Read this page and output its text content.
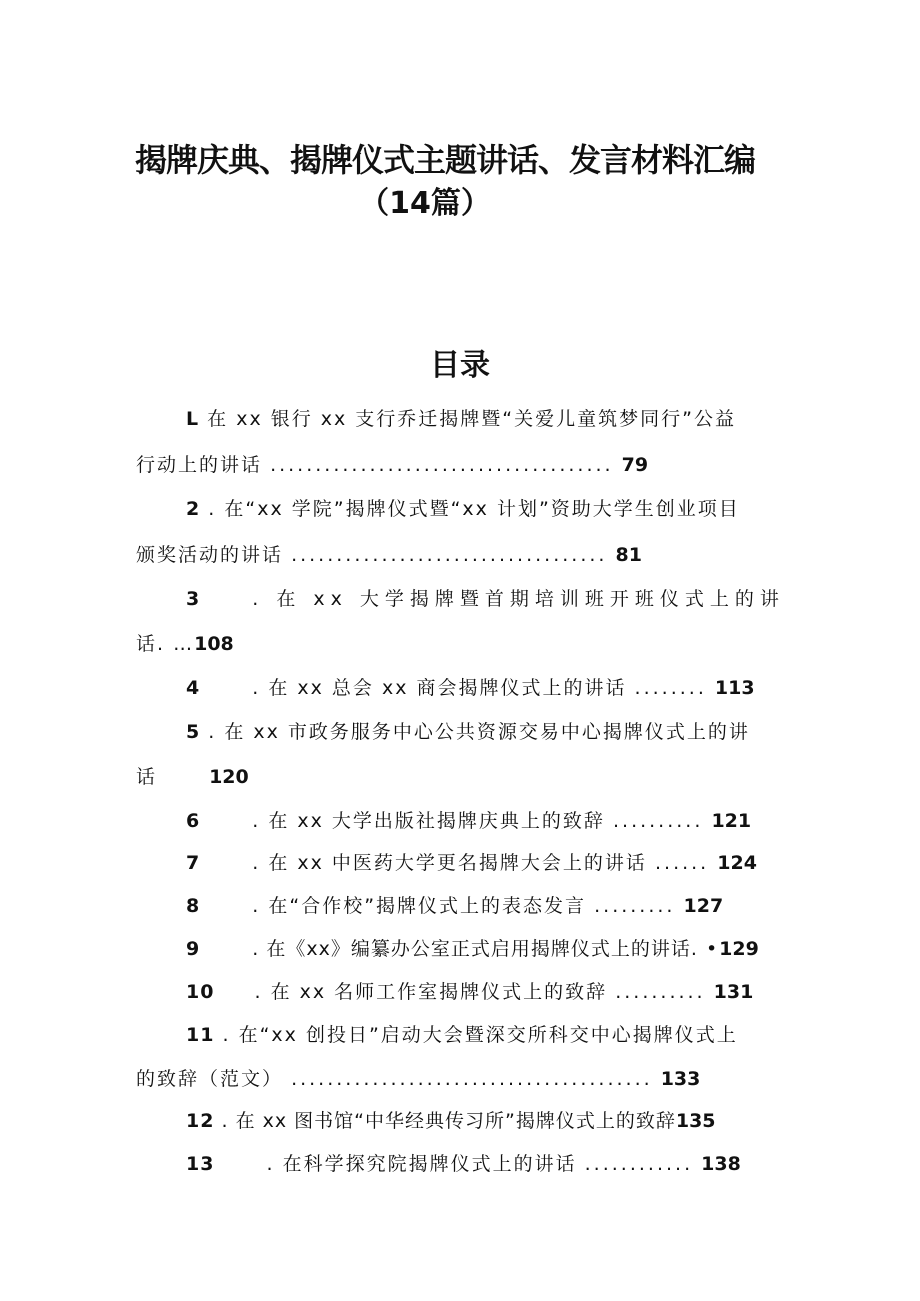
揭牌庆典、揭牌仪式主题讲话、发言材料汇编
（14篇）
目录
L 在 xx 银行 xx 支行乔迁揭牌暨“关爱儿童筑梦同行”公益
行动上的讲话 ...................................... 79
2 . 在“xx 学院”揭牌仪式暨“xx 计划”资助大学生创业项目
颁奖活动的讲话 ................................... 81
3	. 在 xx 大学揭牌暨首期培训班开班仪式上的讲
话. …108
4	. 在 xx 总会 xx 商会揭牌仪式上的讲话 ........ 113
5 . 在 xx 市政务服务中心公共资源交易中心揭牌仪式上的讲
话	120
6	. 在 xx 大学出版社揭牌庆典上的致辞 .......... 121
7	. 在 xx 中医药大学更名揭牌大会上的讲话 ...... 124
8	. 在“合作校”揭牌仪式上的表态发言 ......... 127
9	. 在《xx》编纂办公室正式启用揭牌仪式上的讲话. •129
10 . 在 xx 名师工作室揭牌仪式上的致辞 .......... 131
11 . 在“xx 创投日”启动大会暨深交所科交中心揭牌仪式上
的致辞（范文） ........................................ 133
12 . 在 xx 图书馆“中华经典传习所”揭牌仪式上的致辞135
13	. 在科学探究院揭牌仪式上的讲话 ............ 138
